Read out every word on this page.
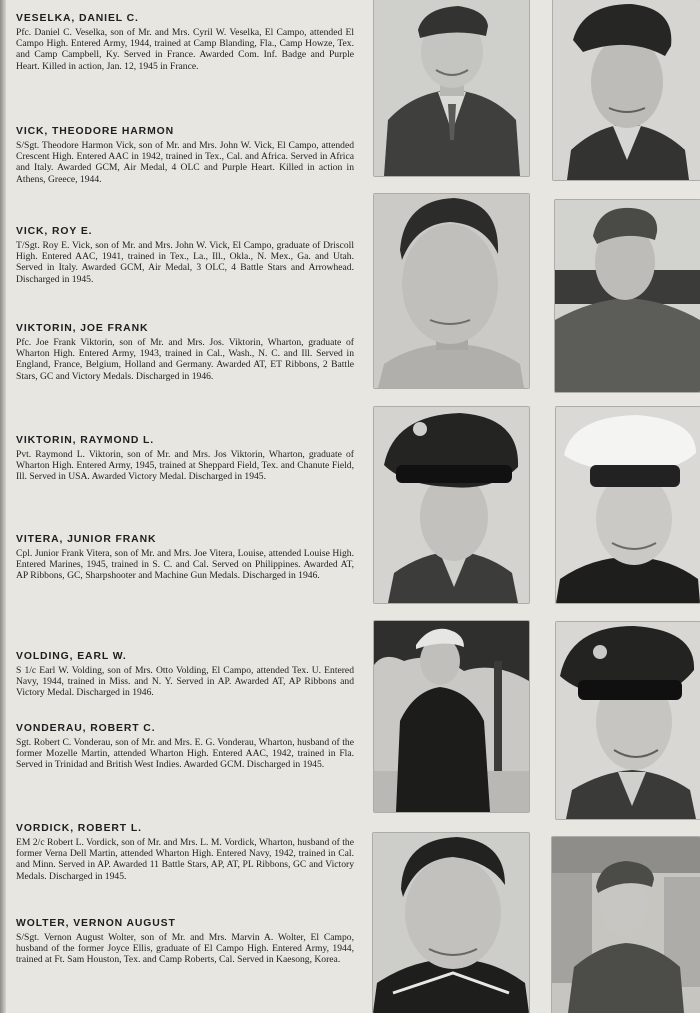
VESELKA, DANIEL C.

Pfc. Daniel C. Veselka, son of Mr. and Mrs. Cyril W. Veselka, El Campo, attended El Campo High. Entered Army, 1944, trained at Camp Blanding, Fla., Camp Howze, Tex. and Camp Campbell, Ky. Served in France. Awarded Com. Inf. Badge and Purple Heart. Killed in action, Jan. 12, 1945 in France.

VICK, THEODORE HARMON

S/Sgt. Theodore Harmon Vick, son of Mr. and Mrs. John W. Vick, El Campo, attended Crescent High. Entered AAC in 1942, trained in Tex., Cal. and Africa. Served in Africa and Italy. Awarded GCM, Air Medal, 4 OLC and Purple Heart. Killed in action in Athens, Greece, 1944.

VICK, ROY E.

T/Sgt. Roy E. Vick, son of Mr. and Mrs. John W. Vick, El Campo, graduate of Driscoll High. Entered AAC, 1941, trained in Tex., La., Ill., Okla., N. Mex., Ga. and Utah. Served in Italy. Awarded GCM, Air Medal, 3 OLC, 4 Battle Stars and Arrowhead. Discharged in 1945.

VIKTORIN, JOE FRANK

Pfc. Joe Frank Viktorin, son of Mr. and Mrs. Jos. Viktorin, Wharton, graduate of Wharton High. Entered Army, 1943, trained in Cal., Wash., N. C. and Ill. Served in England, France, Belgium, Holland and Germany. Awarded AT, ET Ribbons, 2 Battle Stars, GC and Victory Medals. Discharged in 1946.

VIKTORIN, RAYMOND L.

Pvt. Raymond L. Viktorin, son of Mr. and Mrs. Jos Viktorin, Wharton, graduate of Wharton High. Entered Army, 1945, trained at Sheppard Field, Tex. and Chanute Field, Ill. Served in USA. Awarded Victory Medal. Discharged in 1945.

VITERA, JUNIOR FRANK

Cpl. Junior Frank Vitera, son of Mr. and Mrs. Joe Vitera, Louise, attended Louise High. Entered Marines, 1945, trained in S. C. and Cal. Served on Philippines. Awarded AT, AP Ribbons, GC, Sharpshooter and Machine Gun Medals. Discharged in 1946.

VOLDING, EARL W.

S 1/c Earl W. Volding, son of Mrs. Otto Volding, El Campo, attended Tex. U. Entered Navy, 1944, trained in Miss. and N. Y. Served in AP. Awarded AT, AP Ribbons and Victory Medal. Discharged in 1946.

VONDERAU, ROBERT C.

Sgt. Robert C. Vonderau, son of Mr. and Mrs. E. G. Vonderau, Wharton, husband of the former Mozelle Martin, attended Wharton High. Entered AAC, 1942, trained in Fla. Served in Trinidad and British West Indies. Awarded GCM. Discharged in 1945.

VORDICK, ROBERT L.

EM 2/c Robert L. Vordick, son of Mr. and Mrs. L. M. Vordick, Wharton, husband of the former Verna Dell Martin, attended Wharton High. Entered Navy, 1942, trained in Cal. and Minn. Served in AP. Awarded 11 Battle Stars, AP, AT, PL Ribbons, GC and Victory Medals. Discharged in 1945.

WOLTER, VERNON AUGUST

S/Sgt. Vernon August Wolter, son of Mr. and Mrs. Marvin A. Wolter, El Campo, husband of the former Joyce Ellis, graduate of El Campo High. Entered Army, 1944, trained at Ft. Sam Houston, Tex. and Camp Roberts, Cal. Served in Kaesong, Korea.
